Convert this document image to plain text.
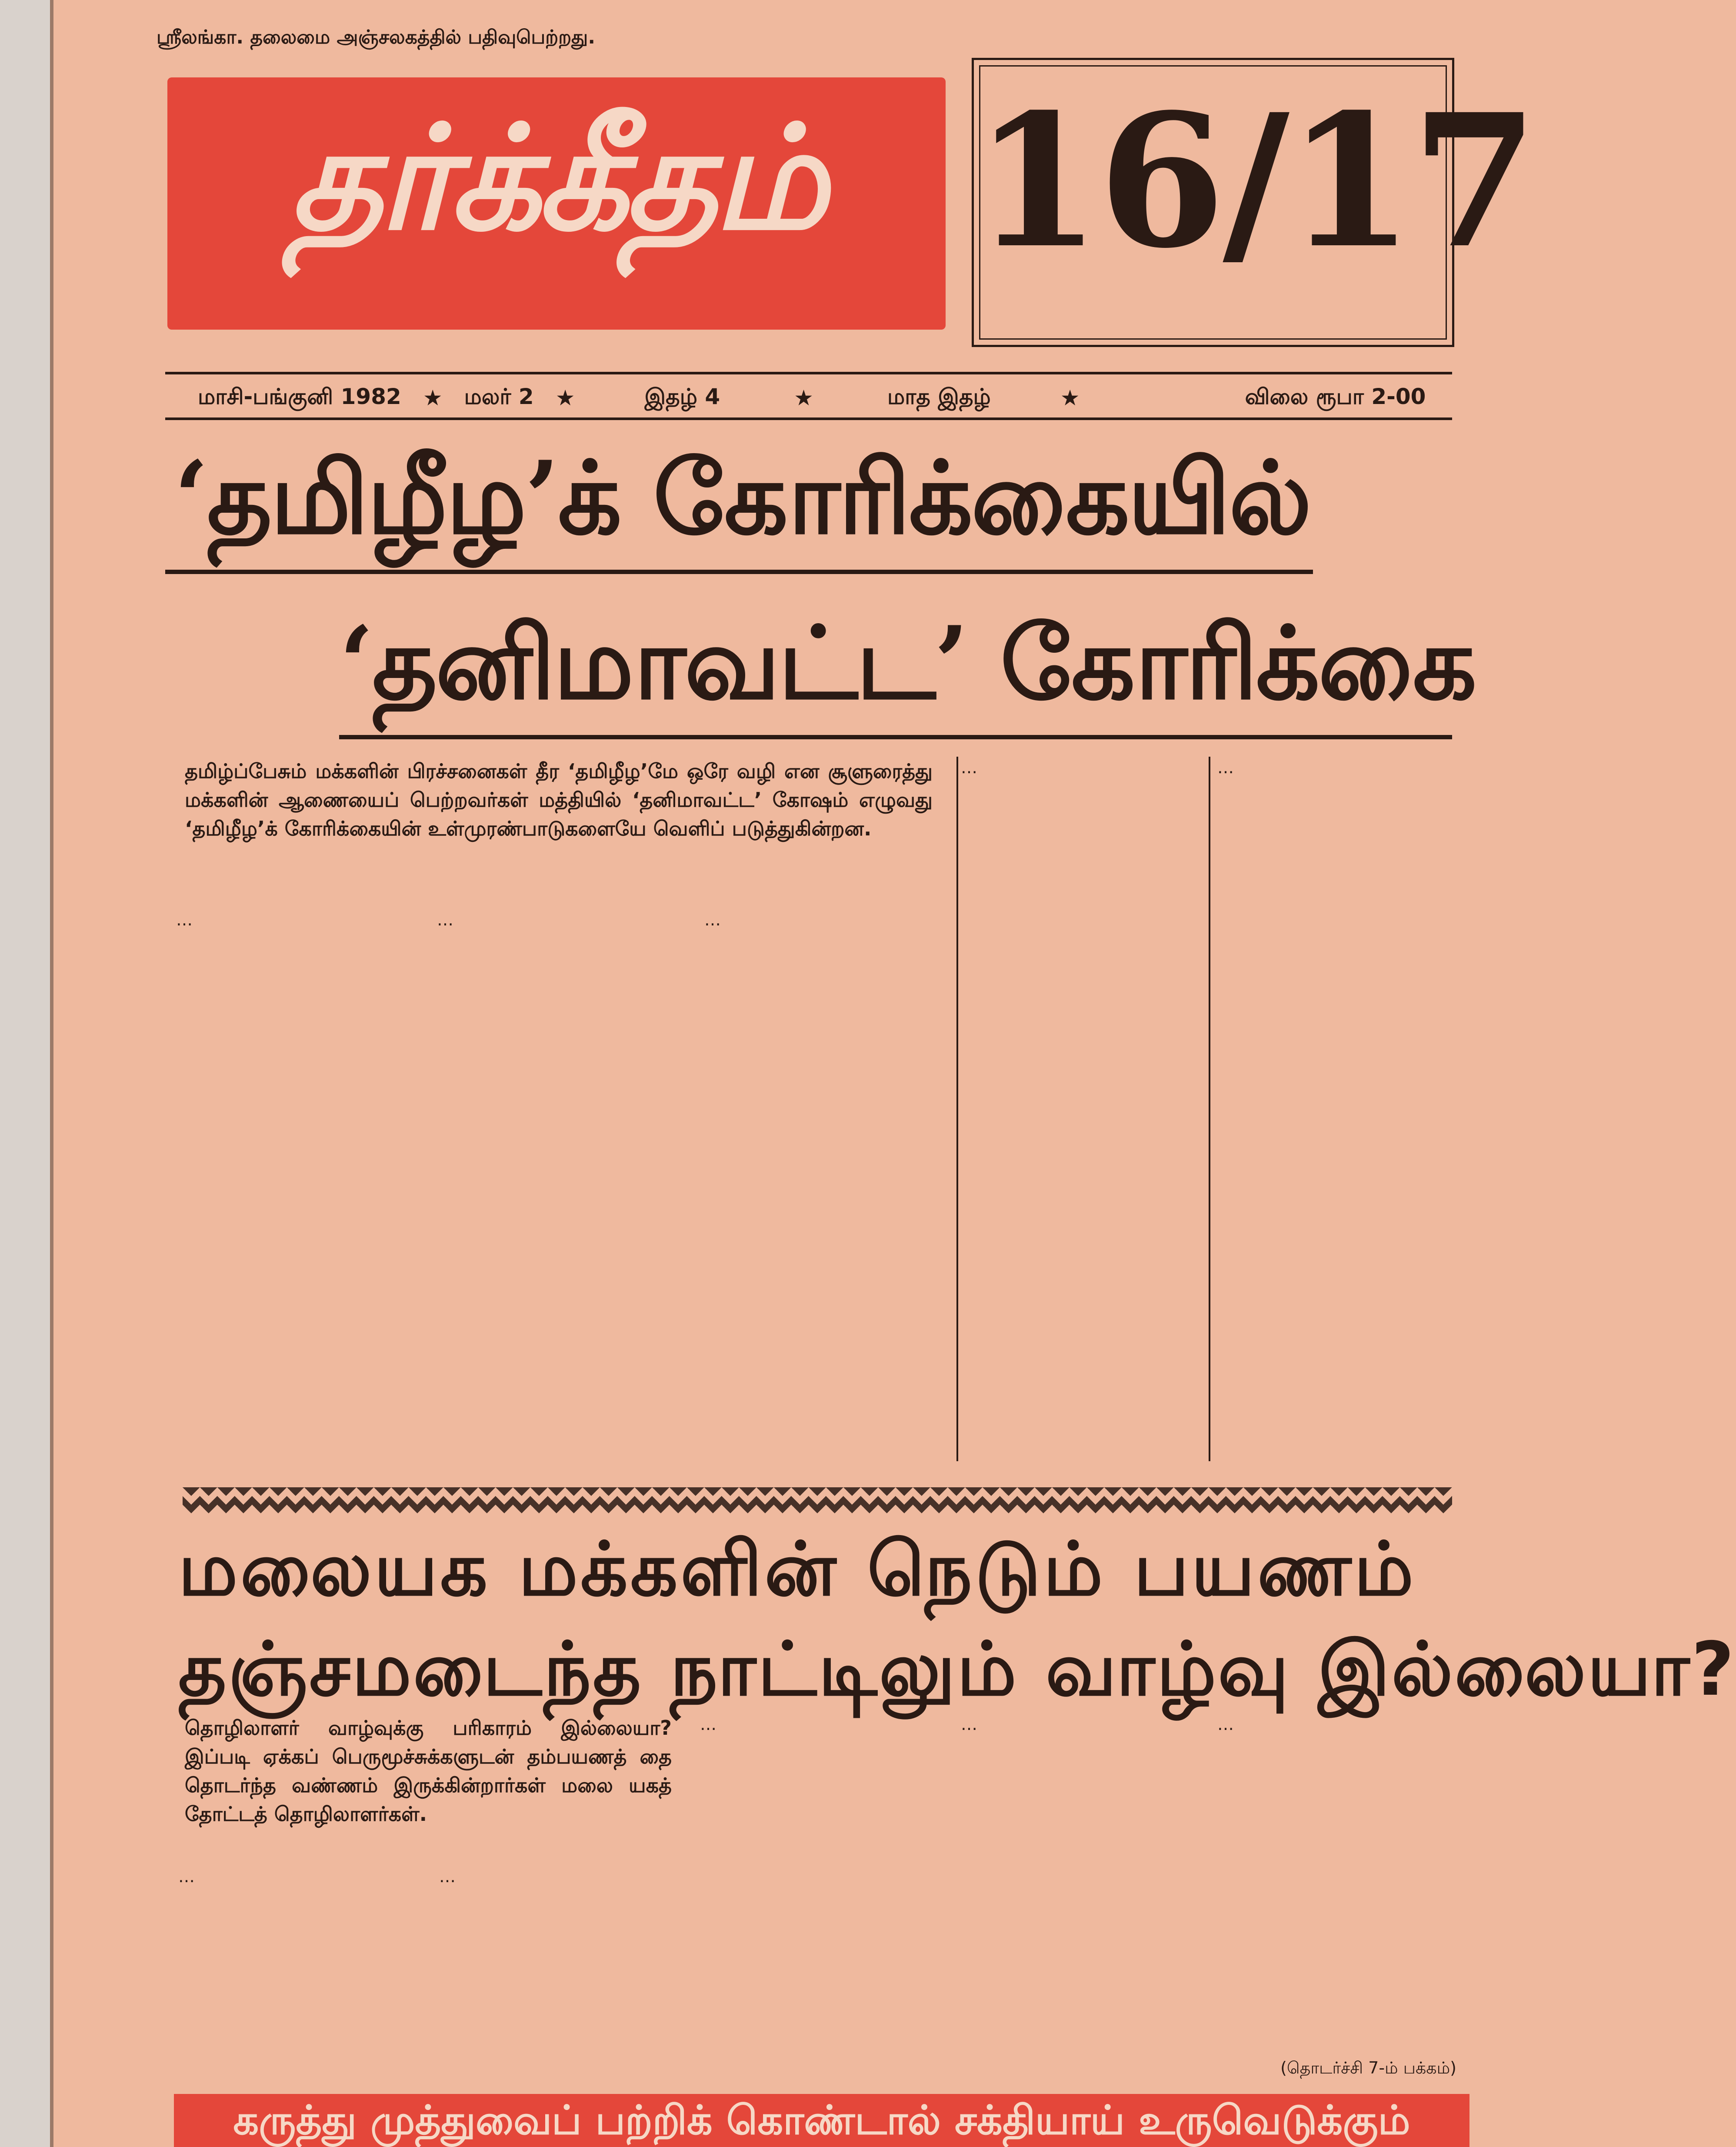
ஸ்ரீலங்கா. தலைமை அஞ்சலகத்தில் பதிவுபெற்றது.
தர்க்கீதம் 16/17
மாசி-பங்குனி 1982 ★ மலர் 2 ★	இதழ் 4	★	மாத இதழ்	★	விலை ரூபா 2-00
‘தமிழீழ’க் கோரிக்கையில்
‘தனிமாவட்ட’ கோரிக்கை
தமிழ்ப்பேசும் மக்களின் பிரச்சனைகள் தீர ‘தமிழீழ’மே ஒரே வழி என சூளுரைத்து மக்களின் ஆணையைப் பெற்றவர்கள் மத்தியில் ‘தனிமாவட்ட’ கோஷம் எழுவது ‘தமிழீழ’க் கோரிக்கையின் உள்முரண்பாடுகளையே வெளிப் படுத்துகின்றன.
…	…	…
…	…
மலையக மக்களின் நெடும் பயணம்
தஞ்சமடைந்த நாட்டிலும் வாழ்வு இல்லையா?
தொழிலாளர் வாழ்வுக்கு பரிகாரம் இல்லையா? இப்படி ஏக்கப் பெருமூச்சுக்களுடன் தம்பயணத் தை தொடர்ந்த வண்ணம் இருக்கின்றார்கள் மலை யகத் தோட்டத் தொழிலாளர்கள்.
…	…
…	…	…
(தொடர்ச்சி 7-ம் பக்கம்)
கருத்து முத்துவைப் பற்றிக் கொண்டால் சக்தியாய் உருவெடுக்கும்
